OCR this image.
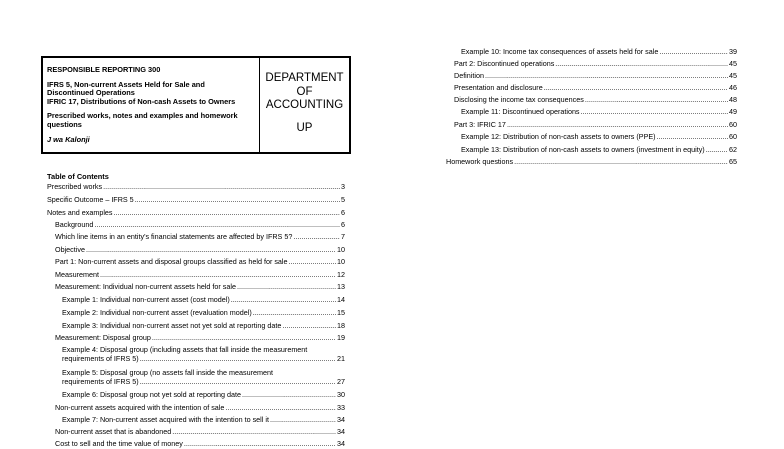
RESPONSIBLE REPORTING 300
IFRS 5, Non-current Assets Held for Sale and
Discontinued Operations
IFRIC 17, Distributions of Non-cash Assets to Owners
Prescribed works, notes and examples and homework
questions
J wa Kalonji
DEPARTMENT
OF
ACCOUNTING
UP
Table of Contents
Prescribed works .....	3
Specific Outcome – IFRS 5 .....	5
Notes and examples .....	6
Background .....	6
Which line items in an entity's financial statements are affected by IFRS 5? .....	7
Objective .....	10
Part 1: Non-current assets and disposal groups classified as held for sale .....	10
Measurement .....	12
Measurement: Individual non-current assets held for sale .....	13
Example 1: Individual non-current asset (cost model) .....	14
Example 2: Individual non-current asset (revaluation model) .....	15
Example 3: Individual non-current asset not yet sold at reporting date .....	18
Measurement: Disposal group .....	19
Example 4: Disposal group (including assets that fall inside the measurement
requirements of IFRS 5) .....	21
Example 5: Disposal group (no assets fall inside the measurement
requirements of IFRS 5) .....	27
Example 6: Disposal group not yet sold at reporting date .....	30
Non-current assets acquired with the intention of sale .....	33
Example 7: Non-current asset acquired with the intention to sell it .....	34
Non-current asset that is abandoned .....	34
Cost to sell and the time value of money .....	34
Example 10: Income tax consequences of assets held for sale .....	39
Part 2: Discontinued operations .....	45
Definition .....	45
Presentation and disclosure .....	46
Disclosing the income tax consequences .....	48
Example 11: Discontinued operations .....	49
Part 3: IFRIC 17 .....	60
Example 12: Distribution of non-cash assets to owners (PPE) .....	60
Example 13: Distribution of non-cash assets to owners (investment in equity) .....	62
Homework questions .....	65
